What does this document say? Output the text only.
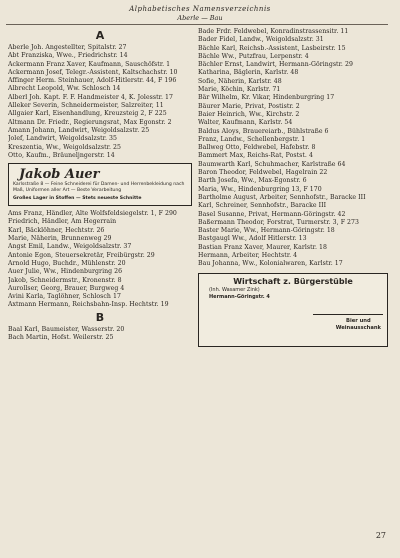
Alphabetisches Namensverzeichnis
Aberle — Bau
A
Aberle Joh. Angestellter, Spitalstr. 27
Abt Franziska, Wwe., Friedrichstr. 14
Ackermann Franz Xaver, Kaufmann, Sauschöfstr. 1
Ackermann Josef, Telegr.-Assistent, Kaltschachstr. 10
Affinger Herm. Steinhauer, Adolf-Hitlerstr. 44, F 196
Albrecht Leopold, Ww. Schlosch 14
Alberl Joh. Kapt. F. F. Handmeister 4, K. Jolesstr. 17
Alleker Severin, Schneidermeister, Salzreiter, 11
Allgaier Karl, Eisenhandlung, Kreuzsteig 2, F 225
Altmann Dr. Friedr., Regierungsrat, Max Egonstr. 2
Amann Johann, Landwirt, Weigoldsalzstr. 25
Jolef, Landwirt, Weigoldsalzstr. 35
Kreszentia, Ww., Weigoldsalzstr. 25
Otto, Kaufm., Bräuneljngerstr. 14
Jakob Auer
Karlsstraße 8 — Feine Schneiderei für Damen- und Herrenbekleidung nach Maß, Uniformen aller Art — Beste Verarbeitung
Großes Lager in Stoffen — Stets neueste Schnitte
Ams Franz, Händler, Alte Wolfsfeldsiegelstr. 1, F 290
Friedrich, Händler, Am Hegerrain
Karl, Bäcklöhner, Hechtstr. 26
Marie, Näherin, Brunnenweg 29
Angst Emil, Landw., Weigoldsalzstr. 37
Antonie Egon, Steuersekretär, Freibürgstr. 29
Arnold Hugo, Buchdr., Mühlenstr. 20
Auer Julie, Ww., Hindenburgring 26
Jakob, Schneidermstr., Kronenstr. 8
Aurollser, Georg, Brauer, Burgweg 4
Avini Karla, Taglöhner, Schlosch 17
Axtmann Hermann, Reichsbahn-Insp. Hechtstr. 19
B
Baal Karl, Baumeister, Wasserstr. 20
Bach Martin, Hofst. Weilerstr. 25
Bade Frdr. Feldwebel, Konradinstrassensitr. 11
Bader Fidel, Landw., Weigoldsalzstr. 31
Bächle Karl, Reichsb.-Assistent, Lasbeirstr. 15
Bächle Ww., Putzfrau, Lerpenstr. 4
Bächler Ernst, Landwirt, Hermann-Göringstr. 29
Katharina, Bäglerin, Karlstr. 48
Sofie, Näherin, Karlstr. 48
Marie, Köchin, Karlstr. 71
Bär Wilhelm, Kr. Vikar, Hindenburgring 17
Bäurer Marie, Privat, Postistr. 2
Baier Heinrich, Ww., Kirchstr. 2
Walter, Kaufmann, Karlstr. 54
Baldus Aloys, Brauereiarb., Bühlstraße 6
Franz, Landw., Schellenbergstr. 1
Ballweg Otto, Feldwebel, Hafebstr. 8
Bammert Max, Reichs-Rat, Postst. 4
Baumwarth Karl, Schuhmacher, Karlstraße 64
Baron Theodor, Feldwebel, Hagelrain 22
Barth Josefa, Ww., Max-Egonstr. 6
Maria, Ww., Hindenburgring 13, F 170
Bartholme August, Arbeiter, Sennhofstr., Baracke III
Karl, Schreiner, Sennhofstr., Baracke III
Basel Susanne, Privat, Hermann-Göringstr. 42
Baßermann Theodor, Forstrat, Turmerstr. 3, F 273
Baster Marie, Ww., Hermann-Göringstr. 18
Bastgaugl Ww., Adolf Hitlerstr. 13
Bastian Franz Xaver, Maurer, Karlstr. 18
Hermann, Arbeiter, Hechtstr. 4
Bau Johanna, Ww., Kolonialwaren, Karlstr. 17
Wirtschaft z. Bürgerstüble
(Inh. Wasamer Zink)
Hermann-Göringstr. 4
Bier und
Weinausschank
27
